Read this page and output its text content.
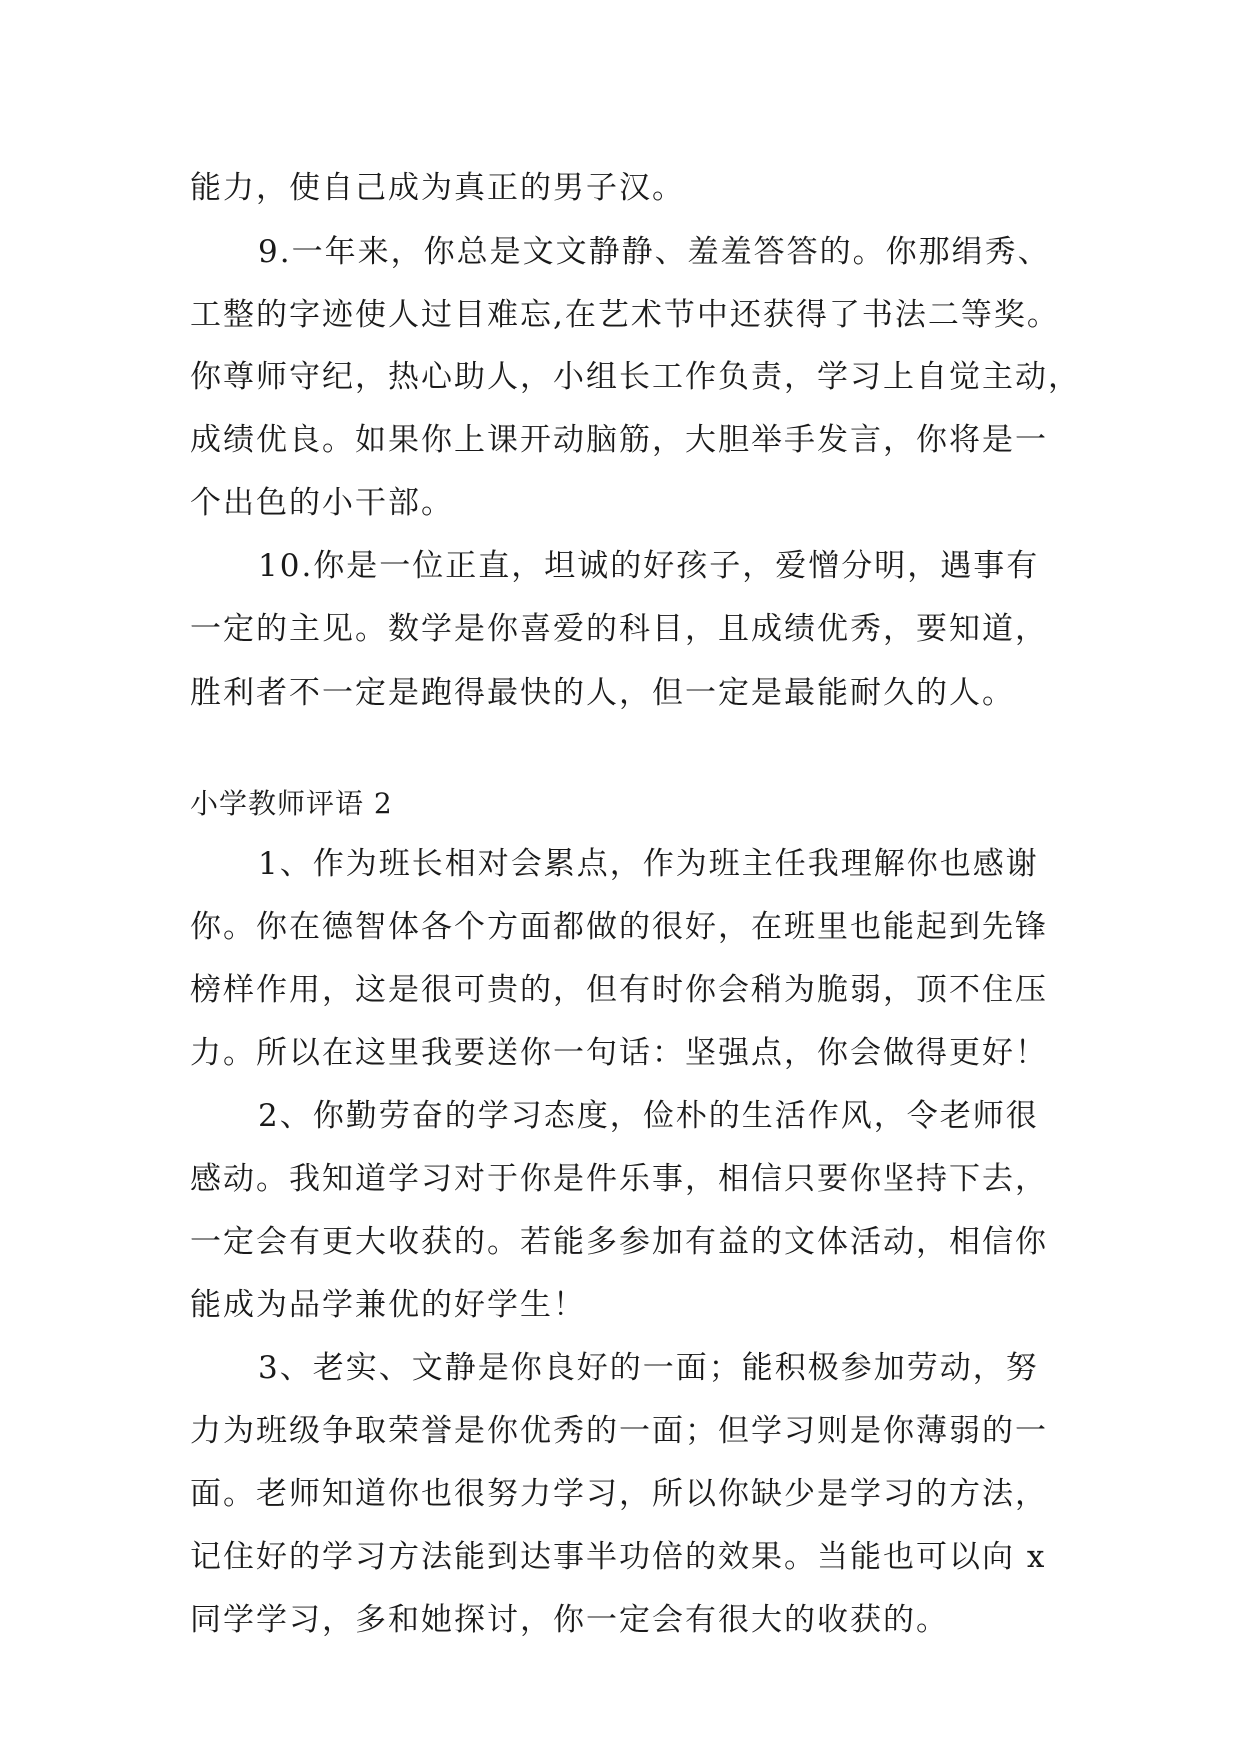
能力，使自己成为真正的男子汉。
9.一年来，你总是文文静静、羞羞答答的。你那绢秀、
工整的字迹使人过目难忘,在艺术节中还获得了书法二等奖。
你尊师守纪，热心助人，小组长工作负责，学习上自觉主动，
成绩优良。如果你上课开动脑筋，大胆举手发言，你将是一
个出色的小干部。
10.你是一位正直，坦诚的好孩子，爱憎分明，遇事有
一定的主见。数学是你喜爱的科目，且成绩优秀，要知道，
胜利者不一定是跑得最快的人，但一定是最能耐久的人。
小学教师评语 2
1、作为班长相对会累点，作为班主任我理解你也感谢
你。你在德智体各个方面都做的很好，在班里也能起到先锋
榜样作用，这是很可贵的，但有时你会稍为脆弱，顶不住压
力。所以在这里我要送你一句话：坚强点，你会做得更好！
2、你勤劳奋的学习态度，俭朴的生活作风，令老师很
感动。我知道学习对于你是件乐事，相信只要你坚持下去，
一定会有更大收获的。若能多参加有益的文体活动，相信你
能成为品学兼优的好学生！
3、老实、文静是你良好的一面；能积极参加劳动，努
力为班级争取荣誉是你优秀的一面；但学习则是你薄弱的一
面。老师知道你也很努力学习，所以你缺少是学习的方法，
记住好的学习方法能到达事半功倍的效果。当能也可以向 x
同学学习，多和她探讨，你一定会有很大的收获的。
